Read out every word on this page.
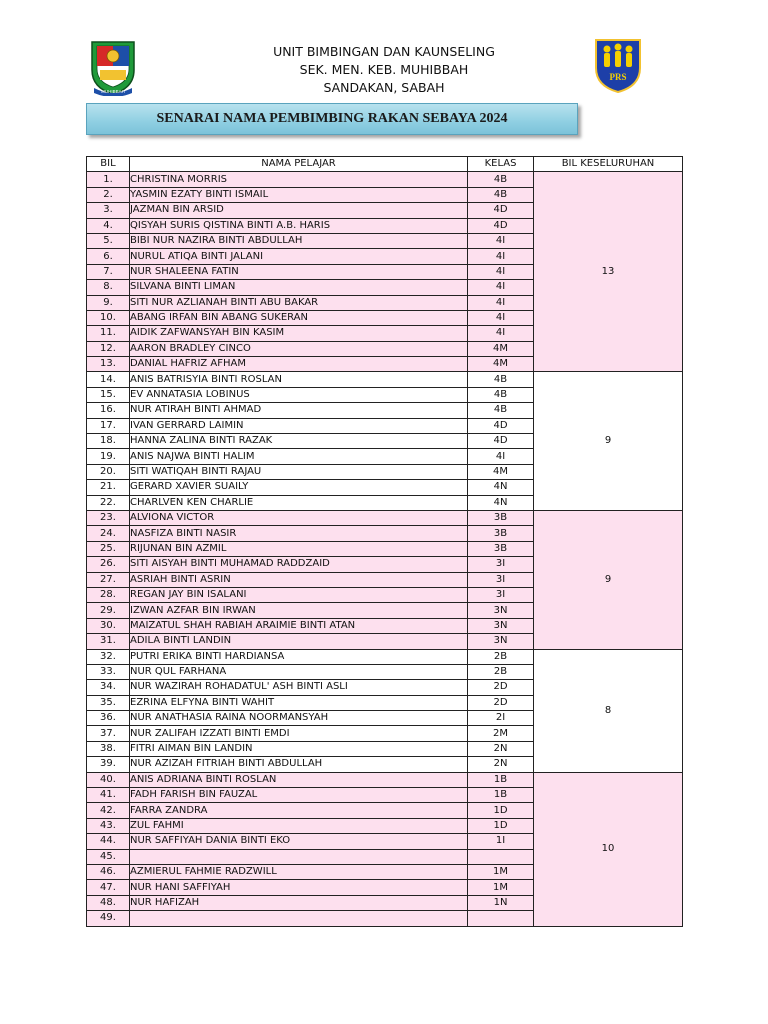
MUHIBBAH
UNIT BIMBINGAN DAN KAUNSELING
SEK. MEN. KEB. MUHIBBAH
SANDAKAN, SABAH
PRS
SENARAI NAMA PEMBIMBING RAKAN SEBAYA 2024
BIL	NAMA PELAJAR	KELAS	BIL KESELURUHAN
1.	CHRISTINA MORRIS	4B	13
2.	YASMIN EZATY BINTI ISMAIL	4B	
3.	JAZMAN BIN ARSID	4D	
4.	QISYAH SURIS QISTINA BINTI A.B. HARIS	4D	
5.	BIBI NUR NAZIRA BINTI ABDULLAH	4I	
6.	NURUL ATIQA BINTI JALANI	4I	
7.	NUR SHALEENA FATIN	4I	
8.	SILVANA BINTI LIMAN	4I	
9.	SITI NUR AZLIANAH BINTI ABU BAKAR	4I	
10.	ABANG IRFAN BIN ABANG SUKERAN	4I	
11.	AIDIK ZAFWANSYAH BIN KASIM	4I	
12.	AARON BRADLEY CINCO	4M	
13.	DANIAL HAFRIZ AFHAM	4M	
14.	ANIS BATRISYIA BINTI ROSLAN	4B	9
15.	EV ANNATASIA LOBINUS	4B	
16.	NUR ATIRAH BINTI AHMAD	4B	
17.	IVAN GERRARD LAIMIN	4D	
18.	HANNA ZALINA BINTI RAZAK	4D	
19.	ANIS NAJWA BINTI HALIM	4I	
20.	SITI WATIQAH BINTI RAJAU	4M	
21.	GERARD XAVIER SUAILY	4N	
22.	CHARLVEN KEN CHARLIE	4N	
23.	ALVIONA VICTOR	3B	9
24.	NASFIZA BINTI NASIR	3B	
25.	RIJUNAN BIN AZMIL	3B	
26.	SITI AISYAH BINTI MUHAMAD RADDZAID	3I	
27.	ASRIAH BINTI ASRIN	3I	
28.	REGAN JAY BIN ISALANI	3I	
29.	IZWAN AZFAR BIN IRWAN	3N	
30.	MAIZATUL SHAH RABIAH ARAIMIE BINTI ATAN	3N	
31.	ADILA BINTI LANDIN	3N	
32.	PUTRI ERIKA BINTI HARDIANSA	2B	8
33.	NUR QUL FARHANA	2B	
34.	NUR WAZIRAH ROHADATUL' ASH BINTI ASLI	2D	
35.	EZRINA ELFYNA BINTI WAHIT	2D	
36.	NUR ANATHASIA RAINA NOORMANSYAH	2I	
37.	NUR ZALIFAH IZZATI BINTI EMDI	2M	
38.	FITRI AIMAN BIN LANDIN	2N	
39.	NUR AZIZAH FITRIAH BINTI ABDULLAH	2N	
40.	ANIS ADRIANA BINTI ROSLAN	1B	10
41.	FADH FARISH BIN FAUZAL	1B	
42.	FARRA ZANDRA	1D	
43.	ZUL FAHMI	1D	
44.	NUR SAFFIYAH DANIA BINTI EKO	1I	
45.			
46.	AZMIERUL FAHMIE RADZWILL	1M	
47.	NUR HANI SAFFIYAH	1M	
48.	NUR HAFIZAH	1N	
49.			
